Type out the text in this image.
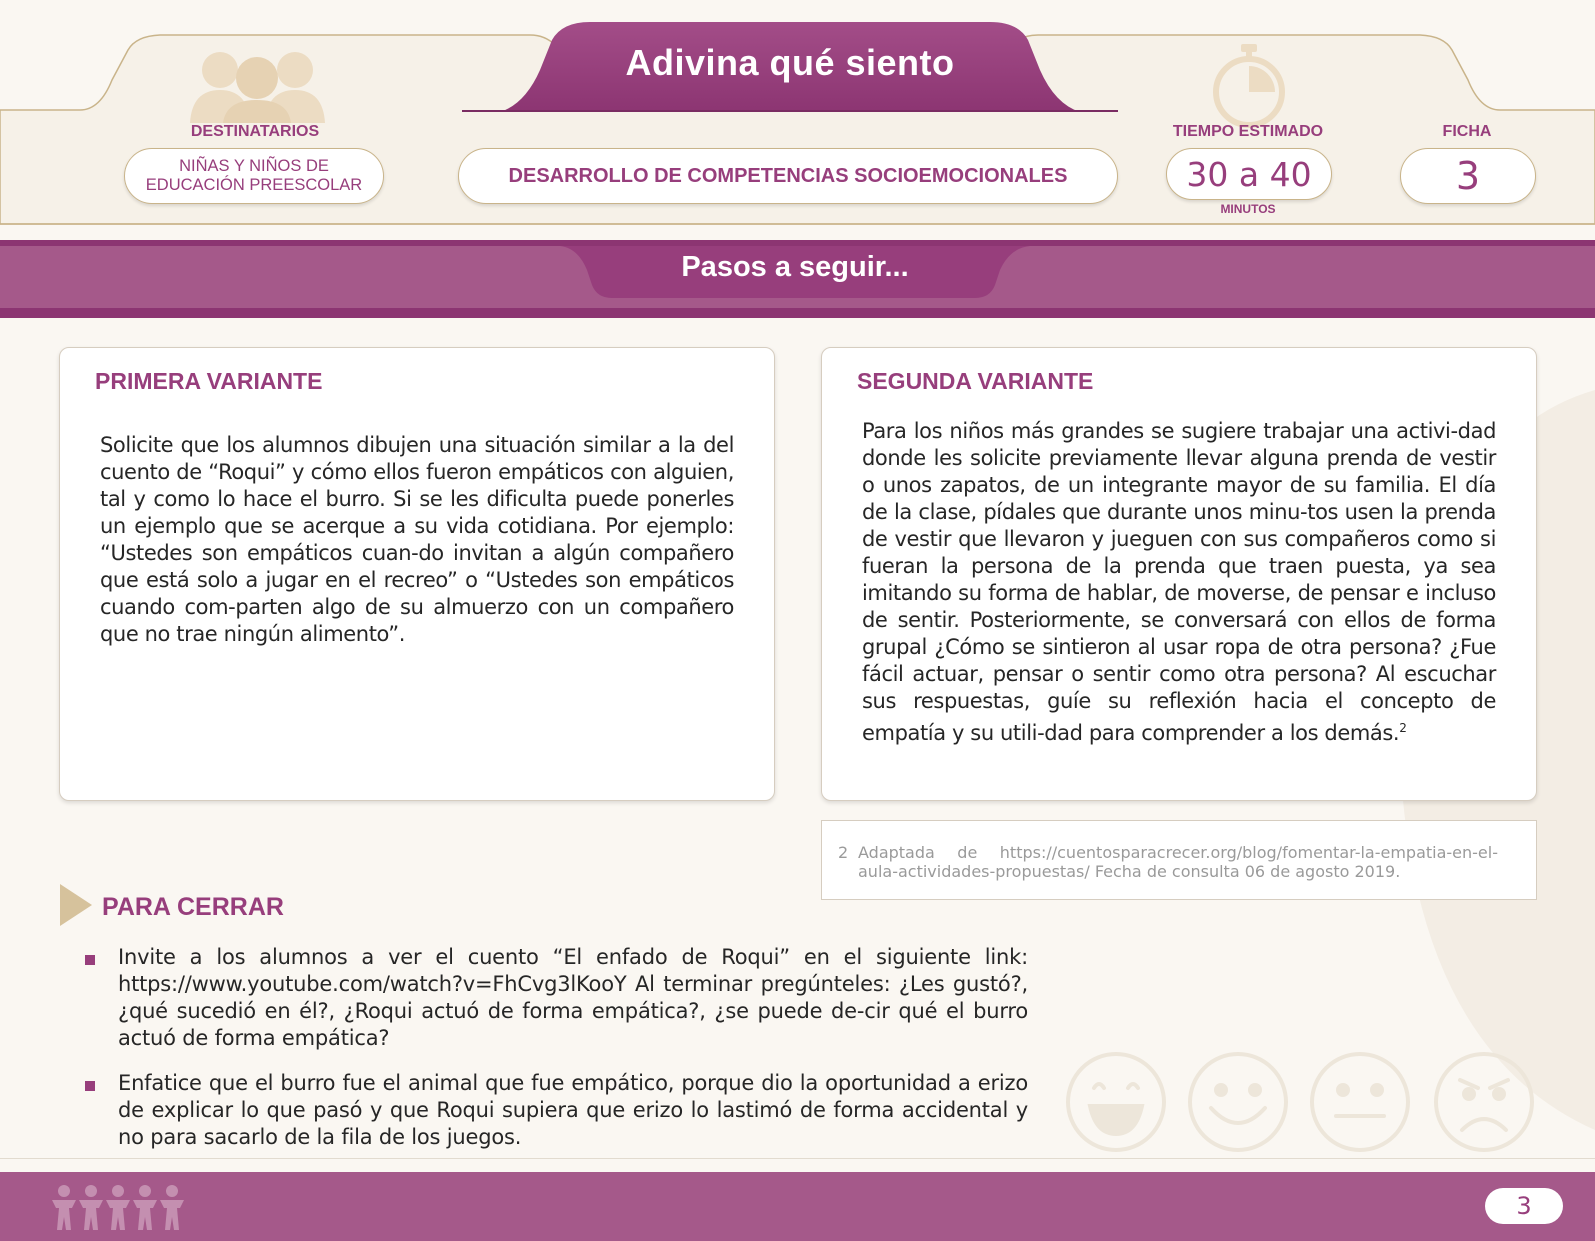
Adivina qué siento
DESTINATARIOS
NIÑAS Y NIÑOS DE
EDUCACIÓN PREESCOLAR	DESARROLLO DE COMPETENCIAS SOCIOEMOCIONALES
TIEMPO ESTIMADO
30 a 40
MINUTOS
FICHA
3
Pasos a seguir...
PRIMERA VARIANTE
Solicite que los alumnos dibujen una situación similar a la del cuento de “Roqui” y cómo ellos fueron empáticos con alguien, tal y como lo hace el burro. Si se les dificulta puede ponerles un ejemplo que se acerque a su vida cotidiana. Por ejemplo: “Ustedes son empáticos cuan-do invitan a algún compañero que está solo a jugar en el recreo” o “Ustedes son empáticos cuando com-parten algo de su almuerzo con un compañero que no trae ningún alimento”.
SEGUNDA VARIANTE
Para los niños más grandes se sugiere trabajar una activi-dad donde les solicite previamente llevar alguna prenda de vestir o unos zapatos, de un integrante mayor de su familia. El día de la clase, pídales que durante unos minu-tos usen la prenda de vestir que llevaron y jueguen con sus compañeros como si fueran la persona de la prenda que traen puesta, ya sea imitando su forma de hablar, de moverse, de pensar e incluso de sentir. Posteriormente, se conversará con ellos de forma grupal ¿Cómo se sintieron al usar ropa de otra persona? ¿Fue fácil actuar, pensar o sentir como otra persona? Al escuchar sus respuestas, guíe su reflexión hacia el concepto de empatía y su utili-dad para comprender a los demás.$^2$
2 Adaptada de https://cuentosparacrecer.org/blog/fomentar-la-empatia-en-el-aula-actividades-propuestas/ Fecha de consulta 06 de agosto 2019.
PARA CERRAR
Invite a los alumnos a ver el cuento “El enfado de Roqui” en el siguiente link: https://www.youtube.com/watch?v=FhCvg3lKooY Al terminar pregúnteles: ¿Les gustó?, ¿qué sucedió en él?, ¿Roqui actuó de forma empática?, ¿se puede de-cir qué el burro actuó de forma empática?
Enfatice que el burro fue el animal que fue empático, porque dio la oportunidad a erizo de explicar lo que pasó y que Roqui supiera que erizo lo lastimó de forma accidental y no para sacarlo de la fila de los juegos.
3
